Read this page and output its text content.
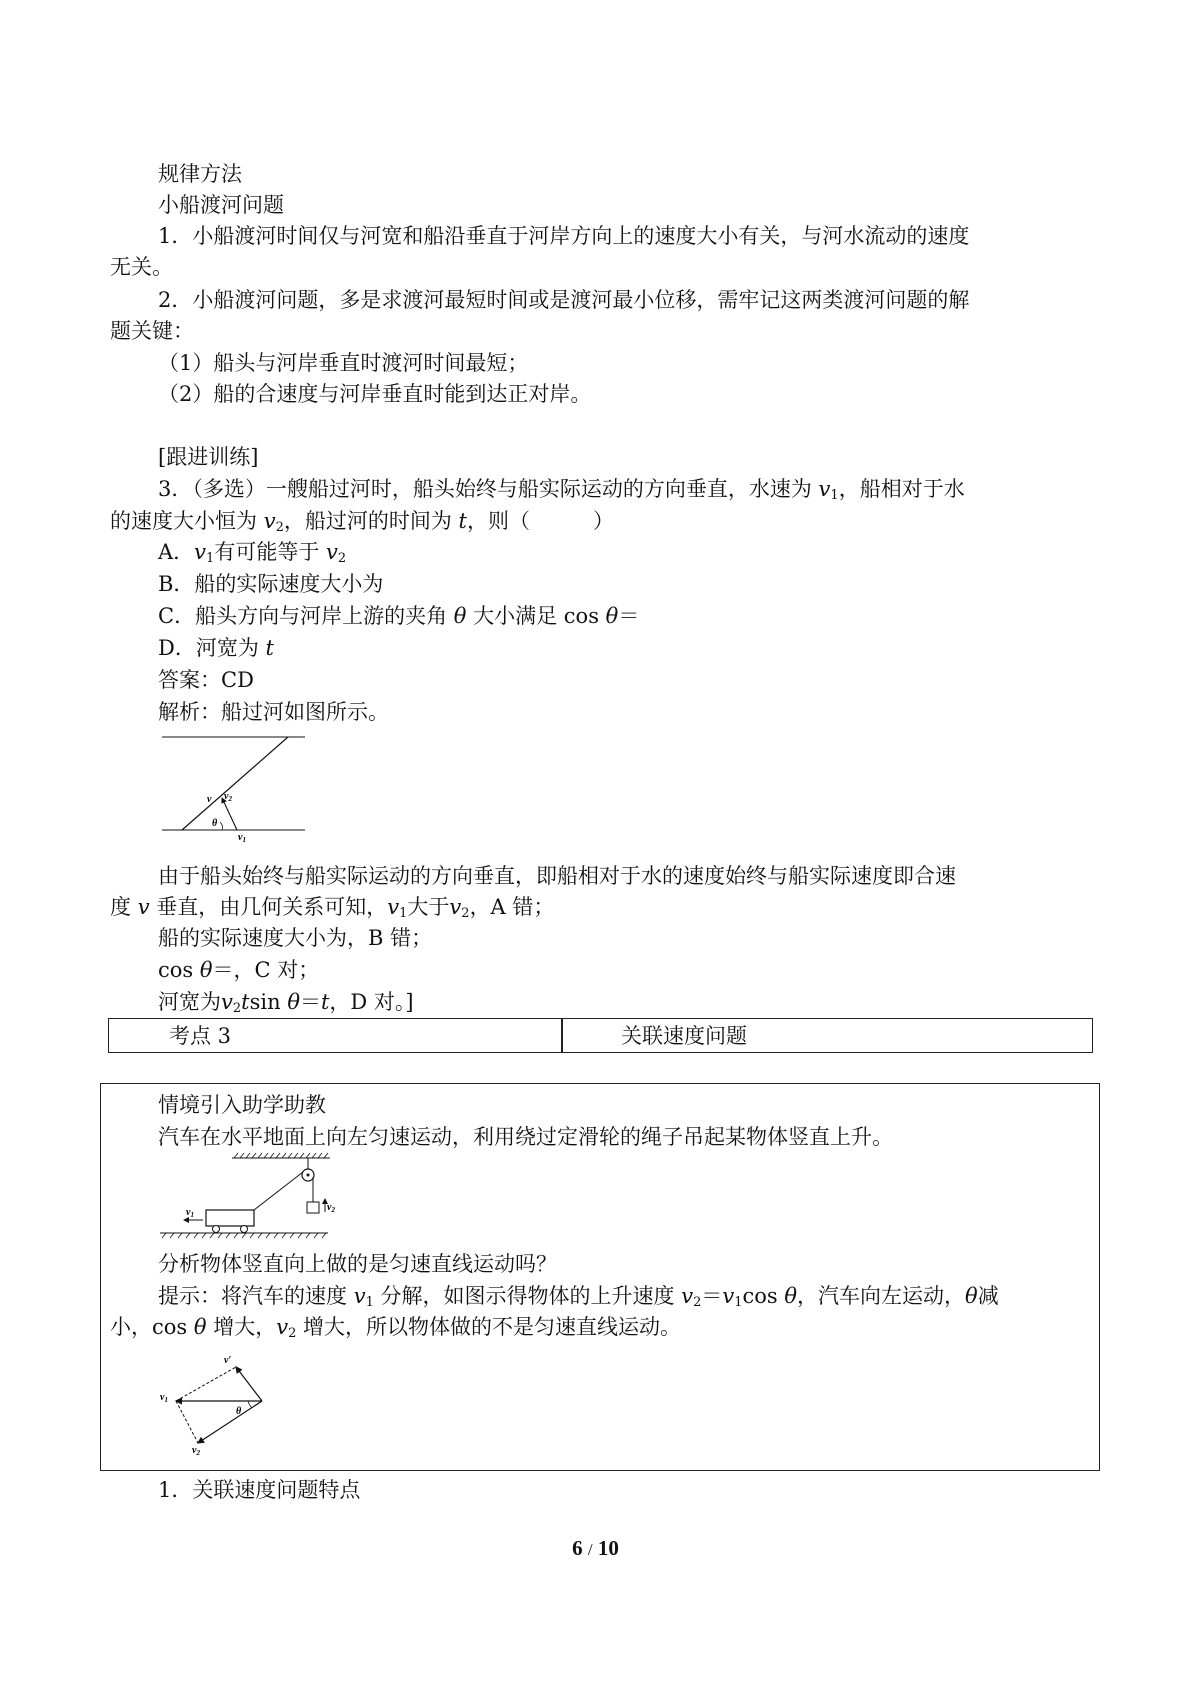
规律方法
小船渡河问题
1．小船渡河时间仅与河宽和船沿垂直于河岸方向上的速度大小有关，与河水流动的速度
无关。
2．小船渡河问题，多是求渡河最短时间或是渡河最小位移，需牢记这两类渡河问题的解
题关键：
（1）船头与河岸垂直时渡河时间最短；
（2）船的合速度与河岸垂直时能到达正对岸。
[跟进训练]
3．（多选）一艘船过河时，船头始终与船实际运动的方向垂直，水速为 $v_1$，船相对于水
的速度大小恒为 $v_2$，船过河的时间为 t，则（　　　）
A．$v_1$有可能等于 $v_2$
B．船的实际速度大小为
C．船头方向与河岸上游的夹角 θ 大小满足 cos θ＝
D．河宽为 t
答案：CD
解析：船过河如图所示。
v $v_2$
θ
$v_1$
由于船头始终与船实际运动的方向垂直，即船相对于水的速度始终与船实际速度即合速
度 v 垂直，由几何关系可知，$v_1$大于$v_2$，A 错；
船的实际速度大小为，B 错；
cos θ＝，C 对；
河宽为$v_2tsin$ θ＝t，D 对。]
考点 3	关联速度问题
情境引入助学助教
汽车在水平地面上向左匀速运动，利用绕过定滑轮的绳子吊起某物体竖直上升。
$v_2$
$v_1$
分析物体竖直向上做的是匀速直线运动吗？
提示：将汽车的速度 $v_1$ 分解，如图示得物体的上升速度 $v_2=v_1\cos$ θ，汽车向左运动，θ减
小，cos θ 增大，$v_2$ 增大，所以物体做的不是匀速直线运动。
v′
$v_1$
θ
$v_2$
1．关联速度问题特点
6 / 10
